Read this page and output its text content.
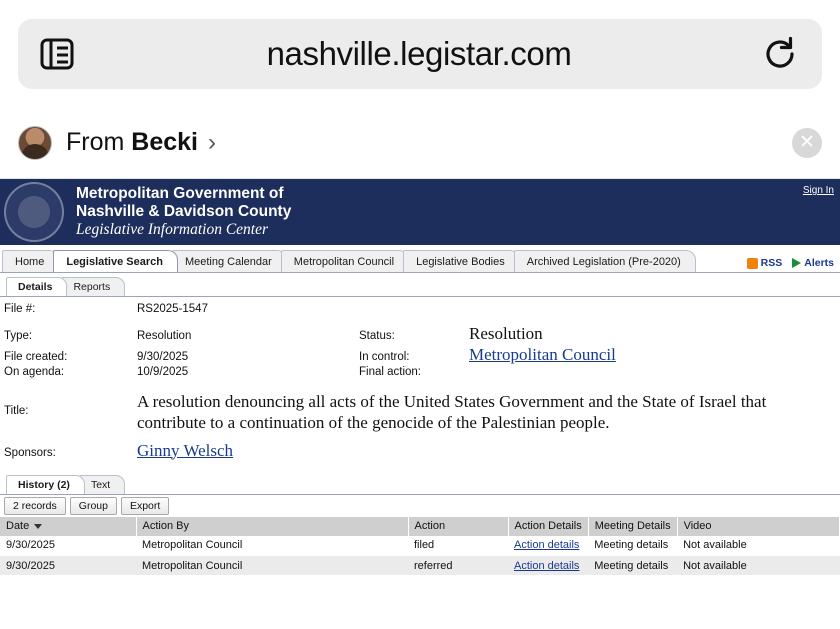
nashville.legistar.com
From Becki ›	✕
Metropolitan Government of
Nashville & Davidson County
Legislative Information Center
Sign In
Home	Legislative Search	Meeting Calendar	Metropolitan Council	Legislative Bodies	Archived Legislation (Pre-2020)	RSS Alerts
Details	Reports
File #:	RS2025-1547
Type:	Resolution	Status:	Resolution
File created:	9/30/2025	In control:	Metropolitan Council
On agenda:	10/9/2025	Final action:
Title:	A resolution denouncing all acts of the United States Government and the State of Israel that contribute to a continuation of the genocide of the Palestinian people.
Sponsors:	Ginny Welsch
History (2)	Text
2 records	Group	Export
Date	Action By	Action	Action Details	Meeting Details	Video
9/30/2025	Metropolitan Council	filed	Action details	Meeting details	Not available
9/30/2025	Metropolitan Council	referred	Action details	Meeting details	Not available
